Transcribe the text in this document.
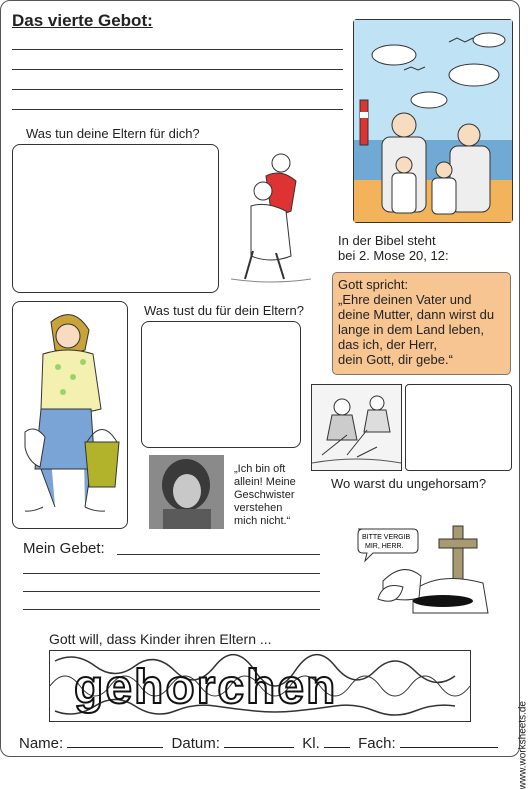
Das vierte Gebot:
Was tun deine Eltern für dich?
In der Bibel steht
bei 2. Mose 20, 12:
Gott spricht:
„Ehre deinen Vater und
deine Mutter, dann wirst du
lange in dem Land leben,
das ich, der Herr,
dein Gott, dir gebe.“
Was tust du für dein Eltern?
Wo warst du ungehorsam?
„Ich bin oft
allein! Meine
Geschwister
verstehen
mich nicht.“
Mein Gebet:
BITTE VERGIB
MIR, HERR.
Gott will, dass Kinder ihren Eltern ...
gehorchen
Name:	Datum:	Kl.	Fach:	www.worksheets.de
